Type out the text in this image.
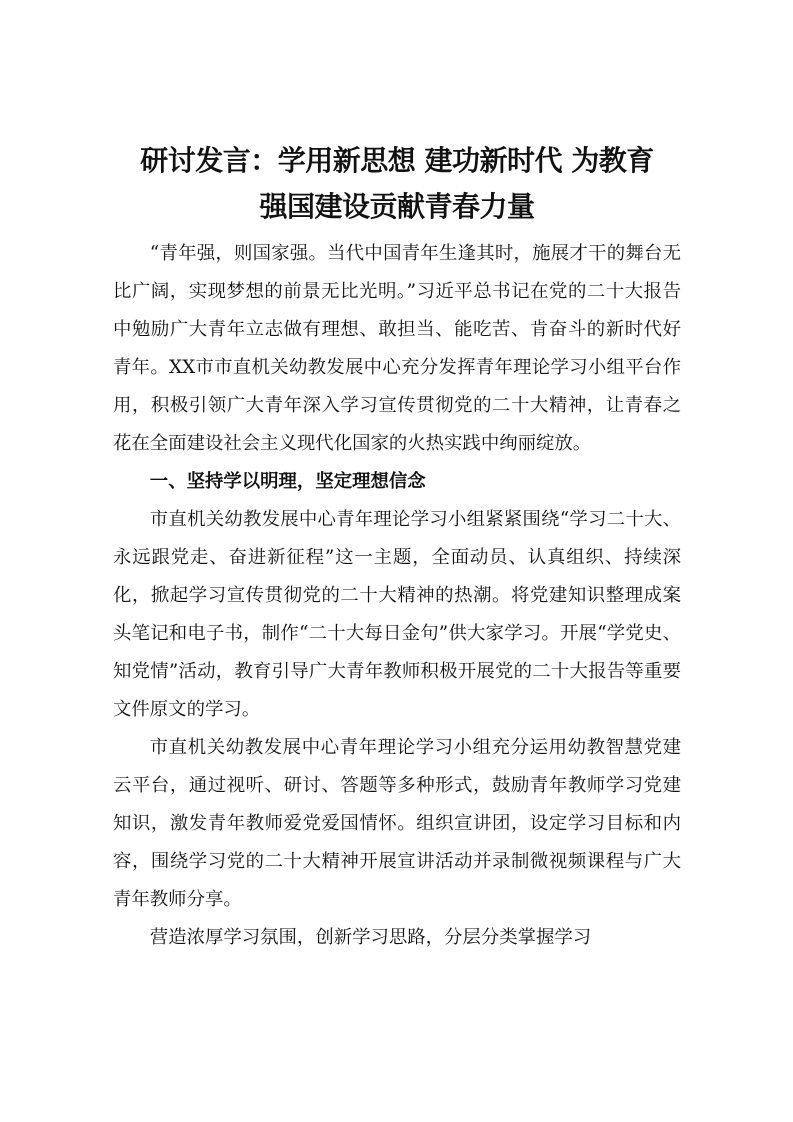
研讨发言：学用新思想 建功新时代 为教育
强国建设贡献青春力量

“青年强，则国家强。当代中国青年生逢其时，施展才干的舞台无比广阔，实现梦想的前景无比光明。”习近平总书记在党的二十大报告中勉励广大青年立志做有理想、敢担当、能吃苦、肯奋斗的新时代好青年。XX市市直机关幼教发展中心充分发挥青年理论学习小组平台作用，积极引领广大青年深入学习宣传贯彻党的二十大精神，让青春之花在全面建设社会主义现代化国家的火热实践中绚丽绽放。

一、坚持学以明理，坚定理想信念

市直机关幼教发展中心青年理论学习小组紧紧围绕“学习二十大、永远跟党走、奋进新征程”这一主题，全面动员、认真组织、持续深化，掀起学习宣传贯彻党的二十大精神的热潮。将党建知识整理成案头笔记和电子书，制作“二十大每日金句”供大家学习。开展“学党史、知党情”活动，教育引导广大青年教师积极开展党的二十大报告等重要文件原文的学习。

市直机关幼教发展中心青年理论学习小组充分运用幼教智慧党建云平台，通过视听、研讨、答题等多种形式，鼓励青年教师学习党建知识，激发青年教师爱党爱国情怀。组织宣讲团，设定学习目标和内容，围绕学习党的二十大精神开展宣讲活动并录制微视频课程与广大青年教师分享。

营造浓厚学习氛围，创新学习思路，分层分类掌握学习
